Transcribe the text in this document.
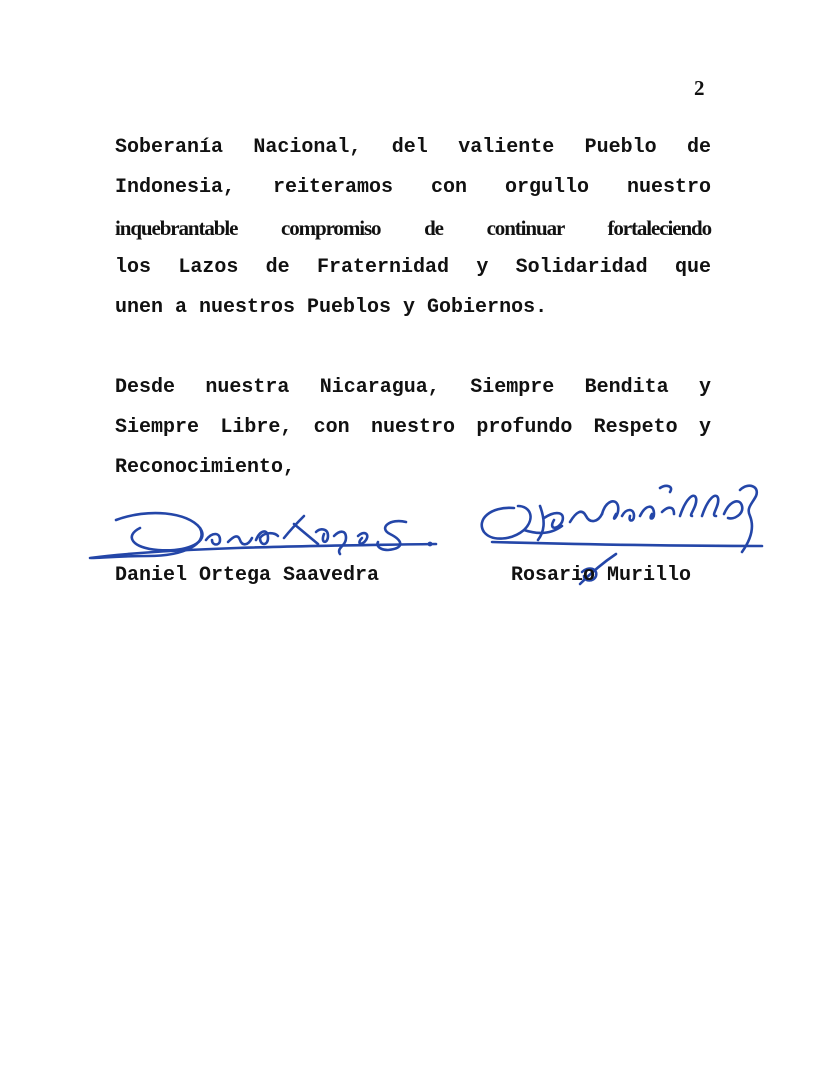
2
Soberanía Nacional, del valiente Pueblo de
Indonesia, reiteramos con orgullo nuestro
inquebrantable compromiso de continuar fortaleciendo
los Lazos de Fraternidad y Solidaridad que
unen a nuestros Pueblos y Gobiernos.
Desde nuestra Nicaragua, Siempre Bendita y
Siempre Libre, con nuestro profundo Respeto y
Reconocimiento,
Daniel Ortega Saavedra	Rosario Murillo
